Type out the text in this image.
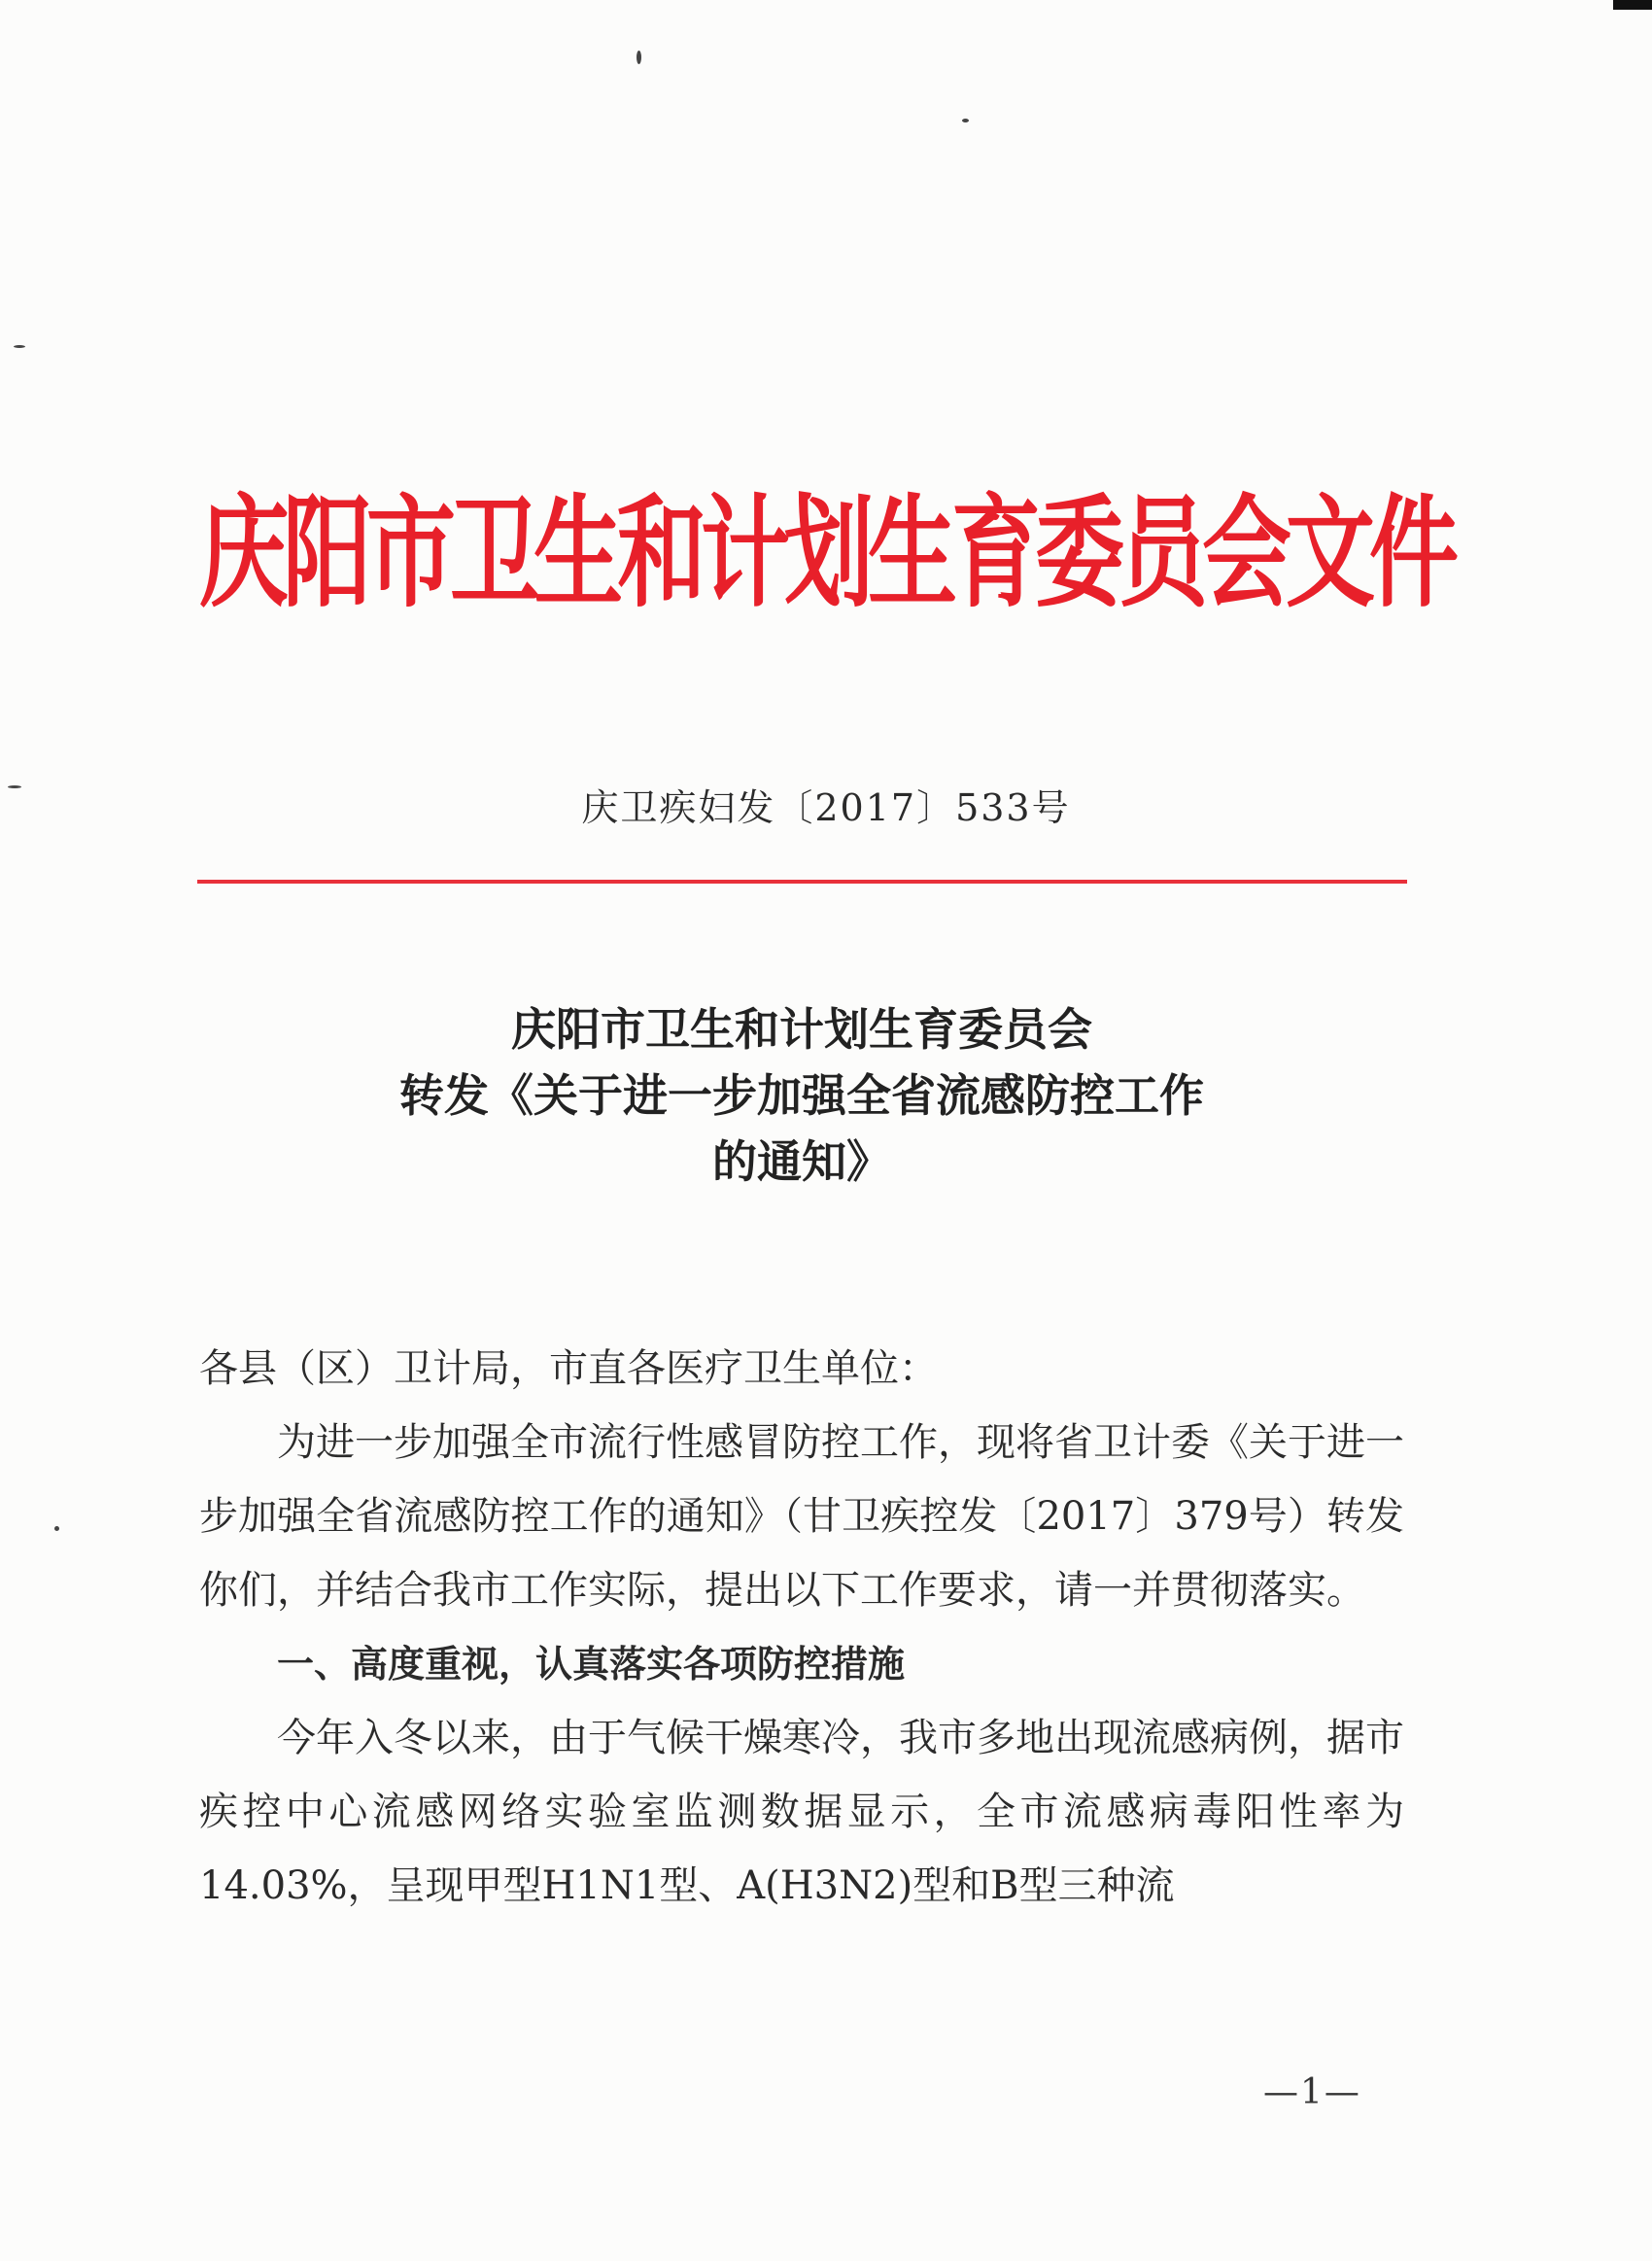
庆阳市卫生和计划生育委员会文件
庆卫疾妇发〔2017〕533号
庆阳市卫生和计划生育委员会
转发《关于进一步加强全省流感防控工作
的通知》

各县（区）卫计局，市直各医疗卫生单位：

为进一步加强全市流行性感冒防控工作，现将省卫计委《关于进一步加强全省流感防控工作的通知》（甘卫疾控发〔2017〕379号）转发你们，并结合我市工作实际，提出以下工作要求，请一并贯彻落实。

一、高度重视，认真落实各项防控措施

今年入冬以来，由于气候干燥寒冷，我市多地出现流感病例，据市疾控中心流感网络实验室监测数据显示，全市流感病毒阳性率为14.03%，呈现甲型H1N1型、A(H3N2)型和B型三种流

—1—
